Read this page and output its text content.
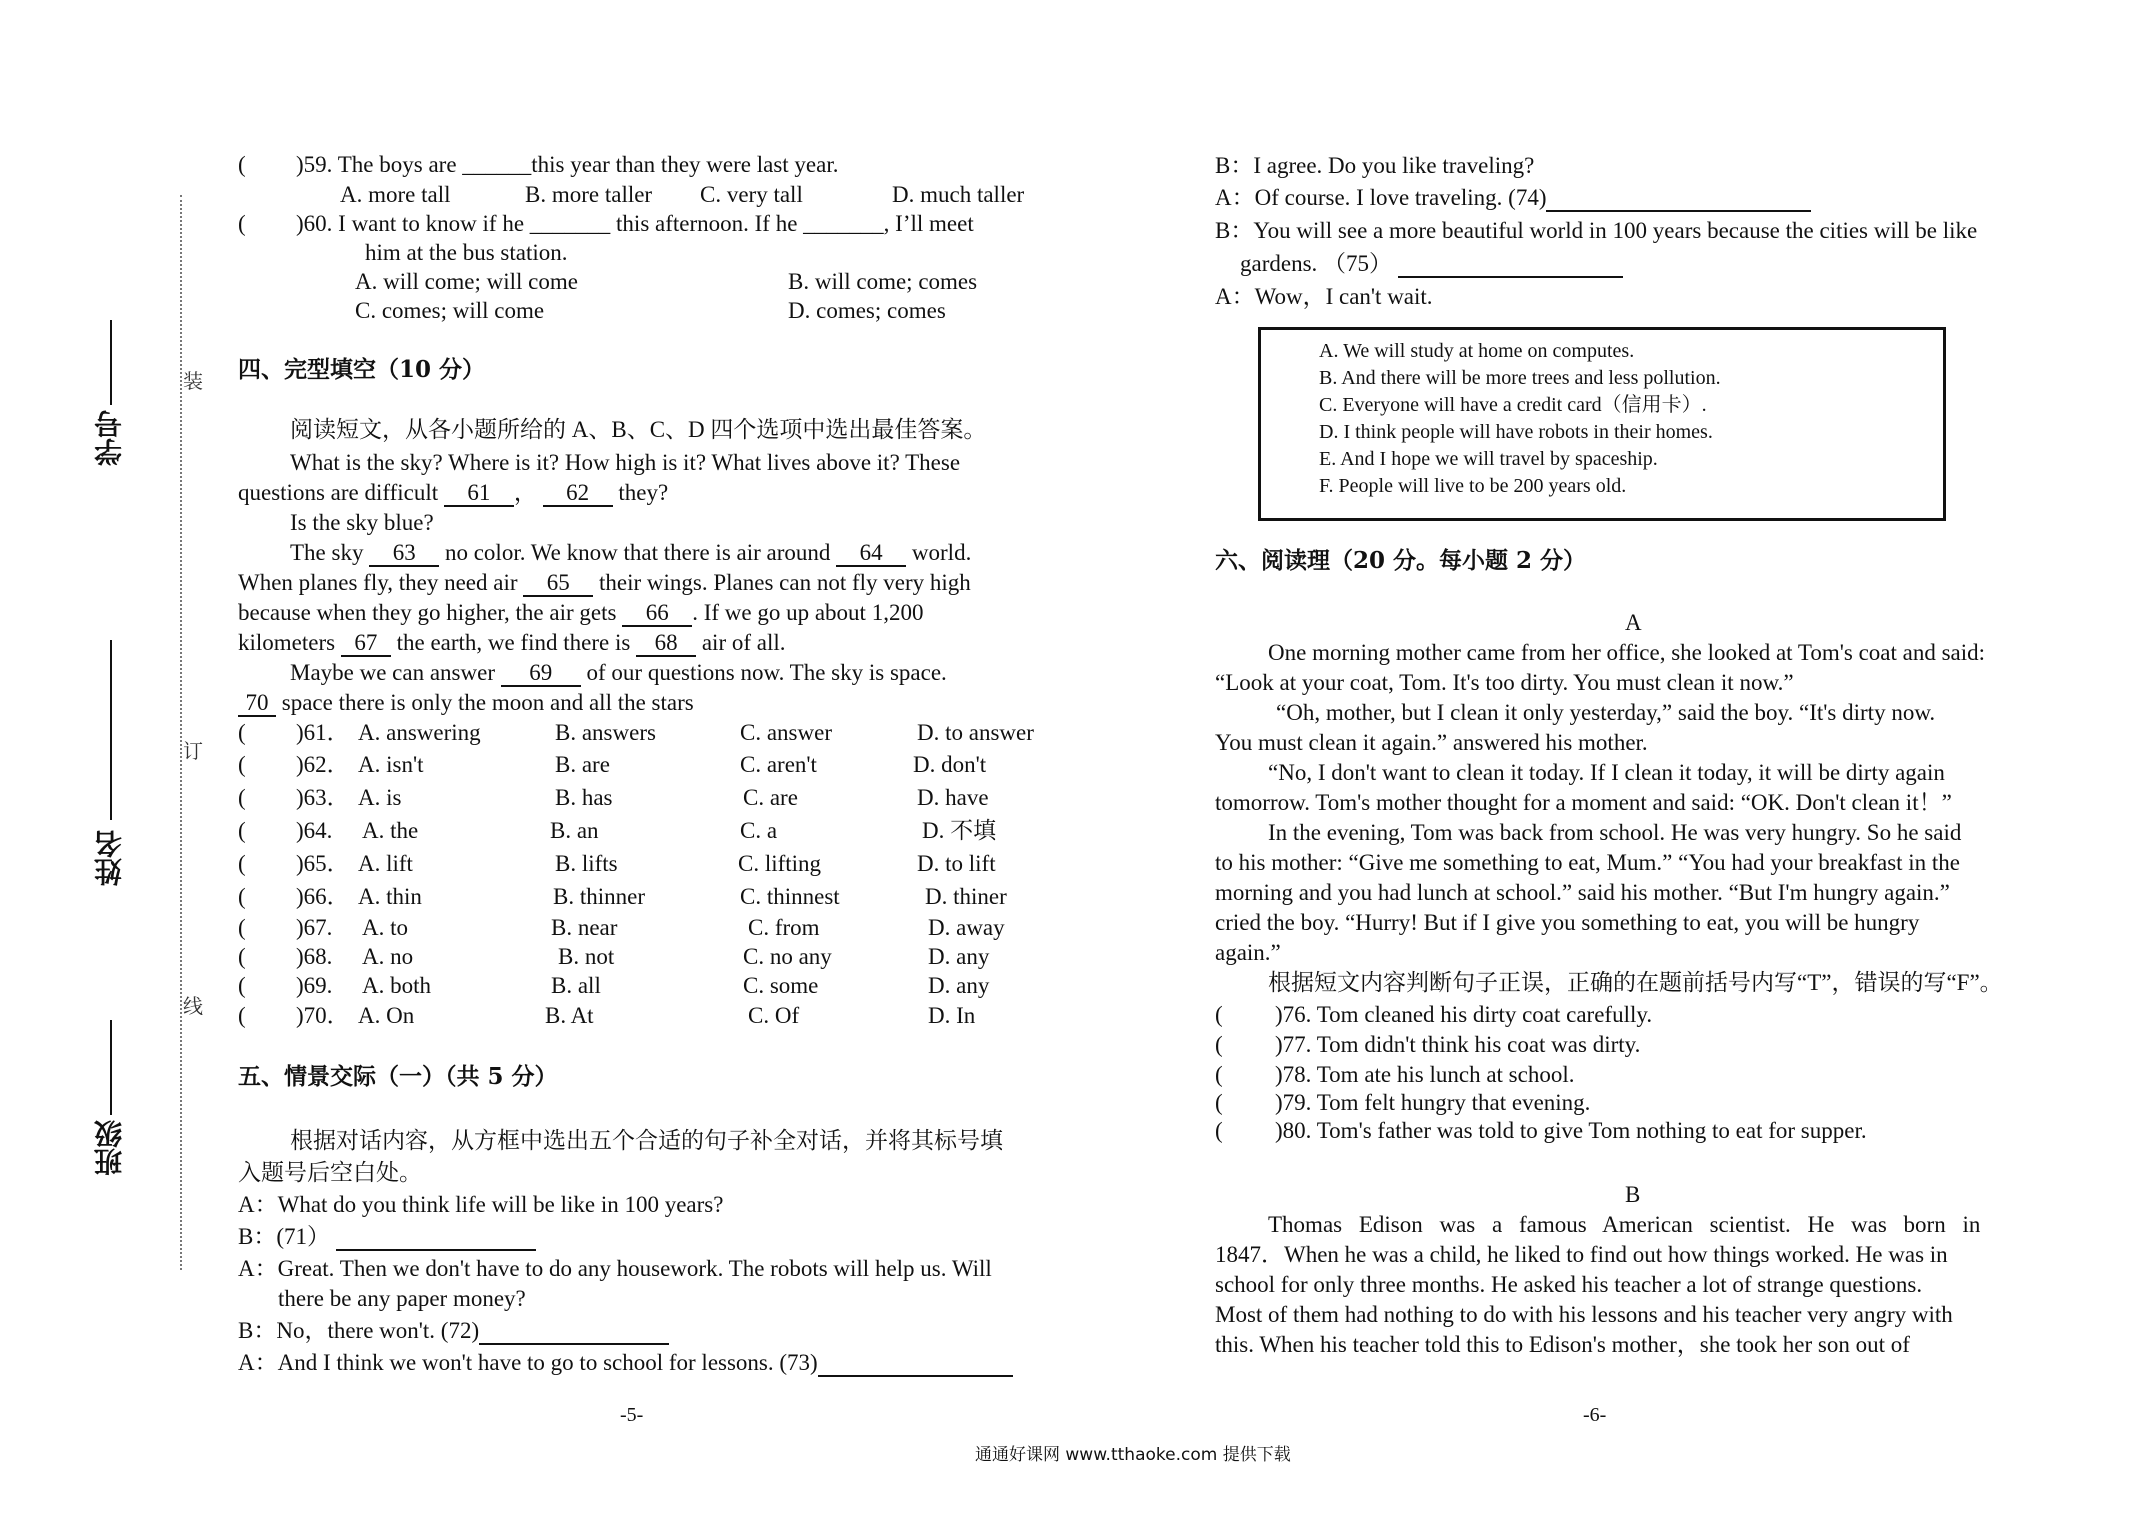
学号
姓名
班级
装
订
线
( )59. The boys are ______this year than they were last year.
A. more tall	B. more taller C. very tall	D. much taller
( )60. I want to know if he _______ this afternoon. If he _______, I’ll meet
him at the bus station.
A. will come; will come	B. will come; comes
C. comes; will come	D. comes; comes
四、完型填空（10 分）
阅读短文，从各小题所给的 A、B、C、D 四个选项中选出最佳答案。
What is the sky? Where is it? How high is it? What lives above it? These
questions are difficult 61 ， 62 they?
Is the sky blue?
The sky 63 no color. We know that there is air around 64 world.
When planes fly, they need air 65 their wings. Planes can not fly very high
because when they go higher, the air gets 66 . If we go up about 1,200
kilometers 67 the earth, we find there is 68 air of all.
Maybe we can answer 69 of our questions now. The sky is space.
70 space there is only the moon and all the stars
( )61． A. answering	B. answers	C. answer	D. to answer
( )62． A. isn't	B. are	C. aren't	D. don't
( )63． A. is	B. has	C. are	D. have
( )64. A. the	B. an	C. a	D. 不填
( )65． A. lift	B. lifts	C. lifting	D. to lift
( )66． A. thin	B. thinner	C. thinnest	D. thiner
( )67. A. to	B. near	C. from	D. away
( )68. A. no	B. not	C. no any	D. any
( )69. A. both	B. all	C. some	D. any
( )70． A. On	B. At	C. Of	D. In
五、情景交际（一）（共 5 分）
根据对话内容，从方框中选出五个合适的句子补全对话，并将其标号填
入题号后空白处。
A：What do you think life will be like in 100 years?
B：(71）
A：Great. Then we don't have to do any housework. The robots will help us. Will
there be any paper money?
B：No，there won't. (72)
A：And I think we won't have to go to school for lessons. (73)
-5-
B：I agree. Do you like traveling?
A：Of course. I love traveling. (74)
B：You will see a more beautiful world in 100 years because the cities will be like
gardens. （75）
A：Wow，I can't wait.
A. We will study at home on computes.
B. And there will be more trees and less pollution.
C. Everyone will have a credit card（信用卡）.
D. I think people will have robots in their homes.
E. And I hope we will travel by spaceship.
F. People will live to be 200 years old.
六、阅读理（20 分。每小题 2 分）
A
One morning mother came from her office, she looked at Tom's coat and said:
“Look at your coat, Tom. It's too dirty. You must clean it now.”
“Oh, mother, but I clean it only yesterday,” said the boy. “It's dirty now.
You must clean it again.” answered his mother.
“No, I don't want to clean it today. If I clean it today, it will be dirty again
tomorrow. Tom's mother thought for a moment and said: “OK. Don't clean it！”
In the evening, Tom was back from school. He was very hungry. So he said
to his mother: “Give me something to eat, Mum.” “You had your breakfast in the
morning and you had lunch at school.” said his mother. “But I'm hungry again.”
cried the boy. “Hurry! But if I give you something to eat, you will be hungry
again.”
根据短文内容判断句子正误，正确的在题前括号内写“T”，错误的写“F”。
( )76. Tom cleaned his dirty coat carefully.
( )77. Tom didn't think his coat was dirty.
( )78. Tom ate his lunch at school.
( )79. Tom felt hungry that evening.
( )80. Tom's father was told to give Tom nothing to eat for supper.
B
Thomas Edison was a famous American scientist. He was born in
1847．When he was a child, he liked to find out how things worked. He was in
school for only three months. He asked his teacher a lot of strange questions.
Most of them had nothing to do with his lessons and his teacher very angry with
this. When his teacher told this to Edison's mother，she took her son out of
-6-
通通好课网 www.tthaoke.com 提供下载
